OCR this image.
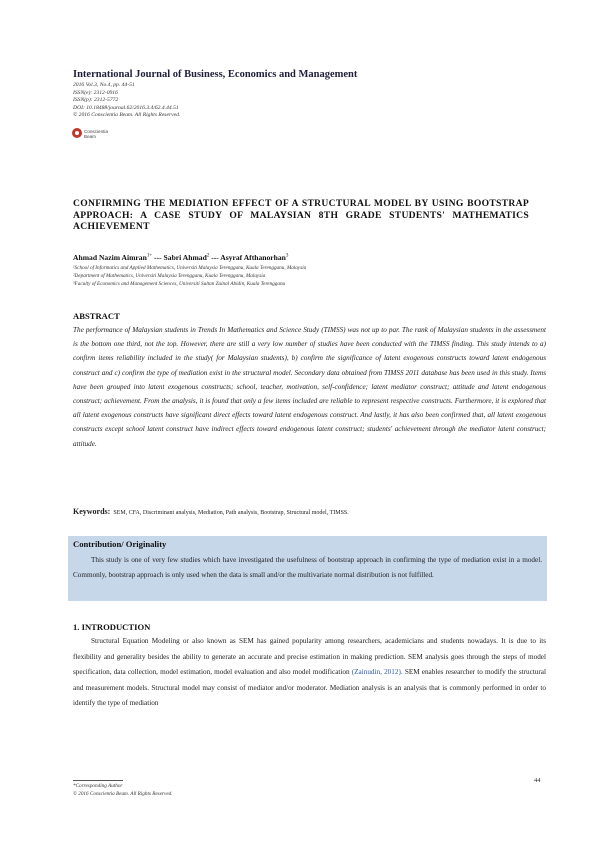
International Journal of Business, Economics and Management
2016 Vol.3, No.4, pp. 44-51
ISSN(e): 2312-0916
ISSN(p): 2312-5772
DOI: 10.18488/journal.62/2016.3.4/62.4.44.51
© 2016 Conscientia Beam. All Rights Reserved.
Conscientia
Beam
CONFIRMING THE MEDIATION EFFECT OF A STRUCTURAL MODEL BY USING BOOTSTRAP APPROACH: A CASE STUDY OF MALAYSIAN 8TH GRADE STUDENTS' MATHEMATICS ACHIEVEMENT
Ahmad Nazim Aimran$^{1+}$ --- Sabri Ahmad$^2$ --- Asyraf Afthanorhan$^3$
¹School of Informatics and Applied Mathematics, Universiti Malaysia Terengganu, Kuala Terengganu, Malaysia
²Department of Mathematics, Universiti Malaysia Terengganu, Kuala Terengganu, Malaysia
³Faculty of Economics and Management Sciences, Universiti Sultan Zainal Abidin, Kuala Terengganu
ABSTRACT
The performance of Malaysian students in Trends In Mathematics and Science Study (TIMSS) was not up to par. The rank of Malaysian students in the assessment is the bottom one third, not the top. However, there are still a very low number of studies have been conducted with the TIMSS finding. This study intends to a) confirm items reliability included in the study( for Malaysian students), b) confirm the significance of latent exogenous constructs toward latent endogenous construct and c) confirm the type of mediation exist in the structural model. Secondary data obtained from TIMSS 2011 database has been used in this study. Items have been grouped into latent exogenous constructs; school, teacher, motivation, self-confidence; latent mediator construct; attitude and latent endogenous construct; achievement. From the analysis, it is found that only a few items included are reliable to represent respective constructs. Furthermore, it is explored that all latent exogenous constructs have significant direct effects toward latent endogenous construct. And lastly, it has also been confirmed that, all latent exogenous constructs except school latent construct have indirect effects toward endogenous latent construct; students' achievement through the mediator latent construct; attitude.
Keywords: SEM, CFA, Discriminant analysis, Mediation, Path analysis, Bootstrap, Structural model, TIMSS.
Contribution/ Originality
This study is one of very few studies which have investigated the usefulness of bootstrap approach in confirming the type of mediation exist in a model. Commonly, bootstrap approach is only used when the data is small and/or the multivariate normal distribution is not fulfilled.
1. INTRODUCTION
Structural Equation Modeling or also known as SEM has gained popularity among researchers, academicians and students nowadays. It is due to its flexibility and generality besides the ability to generate an accurate and precise estimation in making prediction. SEM analysis goes through the steps of model specification, data collection, model estimation, model evaluation and also model modification (Zainudin, 2012). SEM enables researcher to modify the structural and measurement models. Structural model may consist of mediator and/or moderator. Mediation analysis is an analysis that is commonly performed in order to identify the type of mediation
44
*Corresponding Author
© 2016 Conscientia Beam. All Rights Reserved.
